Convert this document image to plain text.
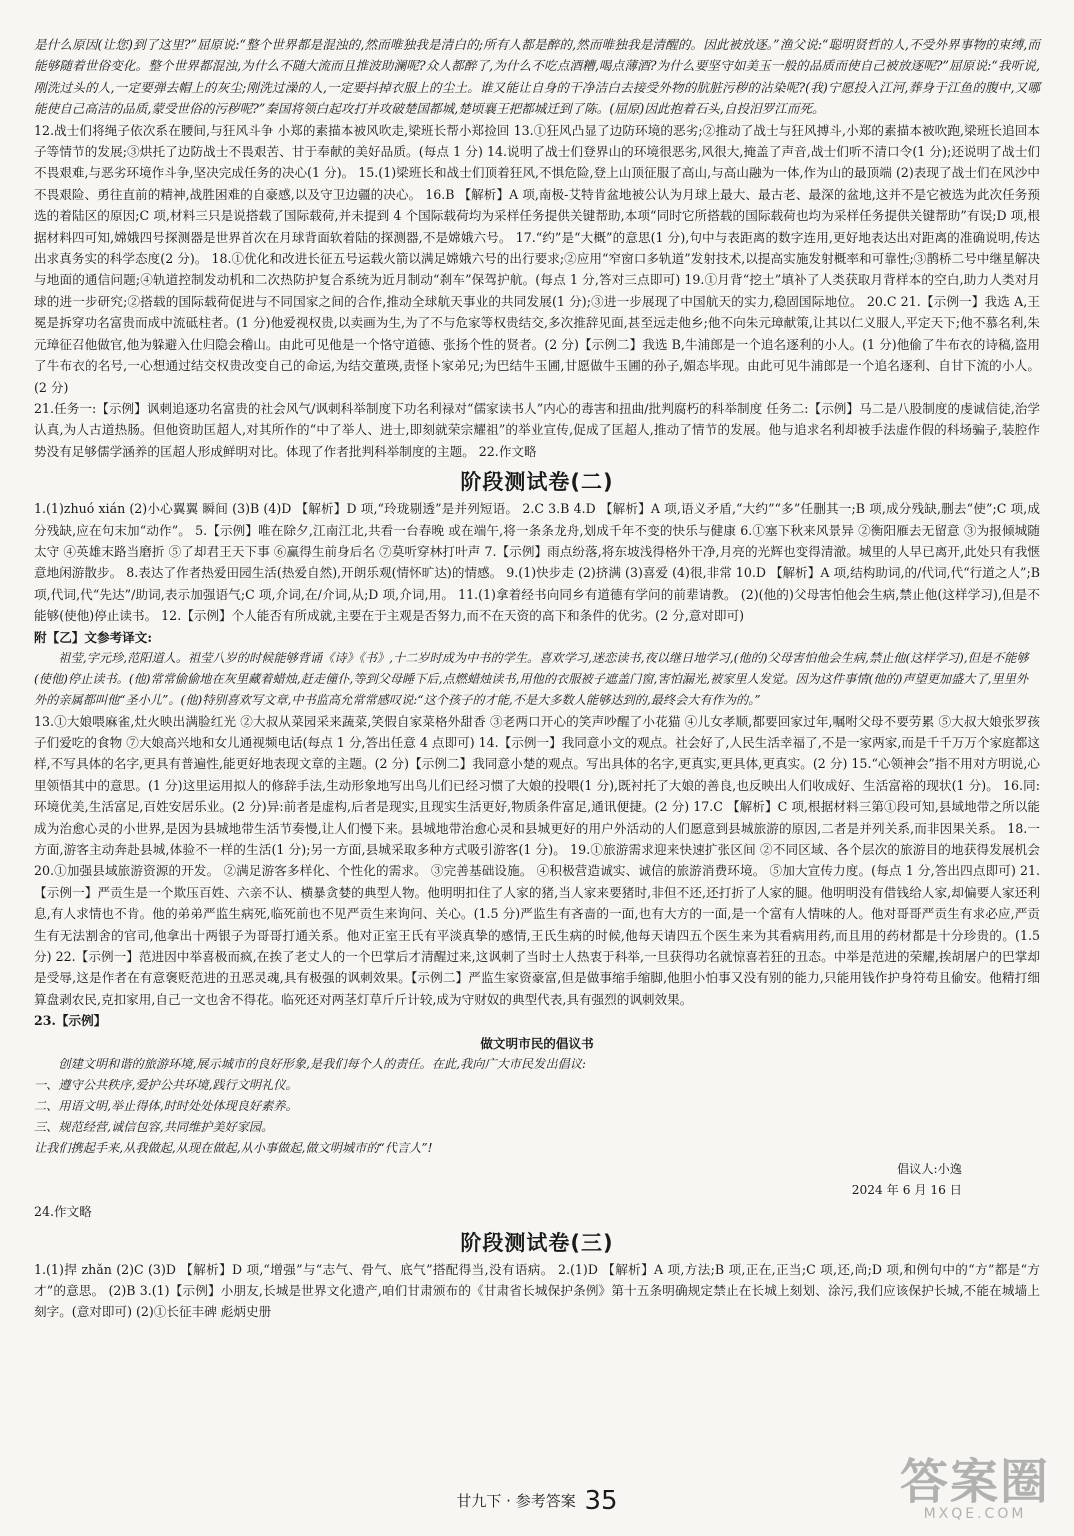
是什么原因(让您)到了这里?”屈原说:“整个世界都是混浊的,然而唯独我是清白的;所有人都是醉的,然而唯独我是清醒的。因此被放逐。”渔父说:“聪明贤哲的人,不受外界事物的束缚,而能够随着世俗变化。整个世界都混浊,为什么不随大流而且推波助澜呢?众人都醉了,为什么不吃点酒糟,喝点薄酒?为什么要坚守如美玉一般的品质而使自己被放逐呢?”屈原说:“我听说,刚洗过头的人,一定要弹去帽上的灰尘;刚洗过澡的人,一定要抖掉衣服上的尘土。谁又能让自身的干净洁白去接受外物的肮脏污秽的沾染呢?(我)宁愿投入江河,葬身于江鱼的腹中,又哪能使自己高洁的品质,蒙受世俗的污秽呢?”秦国将领白起攻打并攻破楚国都城,楚顷襄王把都城迁到了陈。(屈原)因此抱着石头,自投汨罗江而死。

12.战士们将绳子依次系在腰间,与狂风斗争 小郑的素描本被风吹走,梁班长帮小郑捡回 13.①狂风凸显了边防环境的恶劣;②推动了战士与狂风搏斗,小郑的素描本被吹跑,梁班长追回本子等情节的发展;③烘托了边防战士不畏艰苦、甘于奉献的美好品质。(每点 1 分) 14.说明了战士们登界山的环境很恶劣,风很大,掩盖了声音,战士们听不清口令(1 分);还说明了战士们不畏艰难,与恶劣环境作斗争,坚决完成任务的决心(1 分)。 15.(1)梁班长和战士们顶着狂风,不惧危险,登上山顶征服了高山,与高山融为一体,作为山的最顶端 (2)表现了战士们在风沙中不畏艰险、勇往直前的精神,战胜困难的自豪感,以及守卫边疆的决心。 16.B 【解析】A 项,南极-艾特肯盆地被公认为月球上最大、最古老、最深的盆地,这并不是它被选为此次任务预选的着陆区的原因;C 项,材料三只是说搭载了国际载荷,并未提到 4 个国际载荷均为采样任务提供关键帮助,本项“同时它所搭载的国际载荷也均为采样任务提供关键帮助”有误;D 项,根据材料四可知,嫦娥四号探测器是世界首次在月球背面软着陆的探测器,不是嫦娥六号。 17.“约”是“大概”的意思(1 分),句中与表距离的数字连用,更好地表达出对距离的准确说明,传达出求真务实的科学态度(2 分)。 18.①优化和改进长征五号运载火箭以满足嫦娥六号的出行要求;②应用“窄窗口多轨道”发射技术,以提高实施发射概率和可靠性;③鹊桥二号中继星解决与地面的通信问题;④轨道控制发动机和二次热防护复合系统为近月制动“刹车”保驾护航。(每点 1 分,答对三点即可) 19.①月背“挖土”填补了人类获取月背样本的空白,助力人类对月球的进一步研究;②搭载的国际载荷促进与不同国家之间的合作,推动全球航天事业的共同发展(1 分);③进一步展现了中国航天的实力,稳固国际地位。 20.C 21.【示例一】我选 A,王冕是拆穿功名富贵而成中流砥柱者。(1 分)他爱视权贵,以卖画为生,为了不与危家等权贵结交,多次推辞见面,甚至远走他乡;他不向朱元璋献策,让其以仁义服人,平定天下;他不慕名利,朱元璋征召他做官,他为躲避入仕归隐会稽山。由此可见他是一个恪守道德、张扬个性的贤者。(2 分)【示例二】我选 B,牛浦郎是一个追名逐利的小人。(1 分)他偷了牛布衣的诗稿,盗用了牛布衣的名号,一心想通过结交权贵改变自己的命运,为结交董瑛,责怪卜家弟兄;为巴结牛玉圃,甘愿做牛玉圃的孙子,媚态毕现。由此可见牛浦郎是一个追名逐利、自甘下流的小人。(2 分)

21.任务一:【示例】讽刺追逐功名富贵的社会风气/讽刺科举制度下功名利禄对“儒家读书人”内心的毒害和扭曲/批判腐朽的科举制度 任务二:【示例】马二是八股制度的虔诚信徒,治学认真,为人古道热肠。但他资助匡超人,对其所作的“中了举人、进士,即刻就荣宗耀祖”的举业宣传,促成了匡超人,推动了情节的发展。他与追求名利却被手法虚作假的科场骗子,装腔作势没有足够儒学涵养的匡超人形成鲜明对比。体现了作者批判科举制度的主题。 22.作文略

阶段测试卷(二)

1.(1)zhuó xián (2)小心翼翼 瞬间 (3)B (4)D 【解析】D 项,“玲珑剔透”是并列短语。 2.C 3.B 4.D 【解析】A 项,语义矛盾,“大约”“多”任删其一;B 项,成分残缺,删去“使”;C 项,成分残缺,应在句末加“动作”。 5.【示例】唯在除夕,江南江北,共看一台春晚 或在端午,将一条条龙舟,划成千年不变的快乐与健康 6.①塞下秋来风景异 ②衡阳雁去无留意 ③为报倾城随太守 ④英雄末路当磨折 ⑤了却君王天下事 ⑥赢得生前身后名 ⑦莫听穿林打叶声 7.【示例】雨点纷落,将东坡浅得格外干净,月亮的光辉也变得清澈。城里的人早已离开,此处只有我惬意地闲游散步。 8.表达了作者热爱田园生活(热爱自然),开朗乐观(情怀旷达)的情感。 9.(1)快步走 (2)挤满 (3)喜爱 (4)很,非常 10.D 【解析】A 项,结构助词,的/代词,代“行道之人”;B 项,代词,代“先达”/助词,表示加强语气;C 项,介词,在/介词,从;D 项,介词,用。 11.(1)拿着经书向同乡有道德有学问的前辈请教。 (2)(他的)父母害怕他会生病,禁止他(这样学习),但是不能够(使他)停止读书。 12.【示例】个人能否有所成就,主要在于主观是否努力,而不在天资的高下和条件的优劣。(2 分,意对即可)

附【乙】文参考译文:

祖莹,字元珍,范阳道人。祖莹八岁的时候能够背诵《诗》《书》,十二岁时成为中书的学生。喜欢学习,迷恋读书,夜以继日地学习,(他的)父母害怕他会生病,禁止他(这样学习),但是不能够(使他)停止读书。(他)常常偷偷地在灰里藏着蜡烛,赶走僮仆,等到父母睡下后,点燃蜡烛读书,用他的衣服被子遮盖门窗,害怕漏光,被家里人发觉。因为这件事情(他的)声望更加盛大了,里里外外的亲属都叫他“圣小儿”。(他)特别喜欢写文章,中书监高允常常感叹说:“这个孩子的才能,不是大多数人能够达到的,最终会大有作为的。”

13.①大娘喂麻雀,灶火映出满脸红光 ②大叔从菜园采来蔬菜,笑假自家菜格外甜香 ③老两口开心的笑声吵醒了小花猫 ④儿女孝顺,都要回家过年,嘱咐父母不要劳累 ⑤大叔大娘张罗孩子们爱吃的食物 ⑦大娘高兴地和女儿通视频电话(每点 1 分,答出任意 4 点即可) 14.【示例一】我同意小文的观点。社会好了,人民生活幸福了,不是一家两家,而是千千万万个家庭都这样,不写具体的名字,更具有普遍性,能更好地表现文章的主题。(2 分)【示例二】我同意小楚的观点。写出具体的名字,更真实,更具体,更真实。(2 分) 15.“心领神会”指不用对方明说,心里领悟其中的意思。(1 分)这里运用拟人的修辞手法,生动形象地写出鸟儿们已经习惯了大娘的投喂(1 分),既衬托了大娘的善良,也反映出人们收成好、生活富裕的现状(1 分)。 16.同:环境优美,生活富足,百姓安居乐业。(2 分)异:前者是虚构,后者是现实,且现实生活更好,物质条件富足,通讯便捷。(2 分) 17.C 【解析】C 项,根据材料三第①段可知,县域地带之所以能成为治愈心灵的小世界,是因为县城地带生活节奏慢,让人们慢下来。县城地带治愈心灵和县城更好的用户外活动的人们愿意到县城旅游的原因,二者是并列关系,而非因果关系。 18.一方面,游客主动奔赴县城,体验不一样的生活(1 分);另一方面,县城采取多种方式吸引游客(1 分)。 19.①旅游需求迎来快速扩张区间 ②不同区域、各个层次的旅游目的地获得发展机会 20.①加强县域旅游资源的开发。 ②满足游客多样化、个性化的需求。 ③完善基础设施。 ④积极营造诚实、诚信的旅游消费环境。 ⑤加大宣传力度。(每点 1 分,答出四点即可) 21.【示例一】严贡生是一个欺压百姓、六亲不认、横暴贪婪的典型人物。他明明扣住了人家的猪,当人家来要猪时,非但不还,还打折了人家的腿。他明明没有借钱给人家,却偏要人家还利息,有人求情也不肯。他的弟弟严监生病死,临死前也不见严贡生来询问、关心。(1.5 分)严监生有吝啬的一面,也有大方的一面,是一个富有人情味的人。他对哥哥严贡生有求必应,严贡生有无法割舍的官司,他拿出十两银子为哥哥打通关系。他对正室王氏有平淡真挚的感情,王氏生病的时候,他每天请四五个医生来为其看病用药,而且用的药材都是十分珍贵的。(1.5 分) 22.【示例一】范进因中举喜极而疯,在挨了老丈人的一个巴掌后才清醒过来,这讽刺了当时士人热衷于科举,一旦获得功名就惊喜若狂的丑态。中举是范进的荣耀,挨胡屠户的巴掌却是受辱,这是作者在有意褒贬范进的丑恶灵魂,具有极强的讽刺效果。【示例二】严监生家资豪富,但是做事缩手缩脚,他胆小怕事又没有别的能力,只能用钱作护身符苟且偷安。他精打细算盘剥农民,克扣家用,自己一文也舍不得花。临死还对两茎灯草斤斤计较,成为守财奴的典型代表,具有强烈的讽刺效果。

23.【示例】

做文明市民的倡议书

创建文明和谐的旅游环境,展示城市的良好形象,是我们每个人的责任。在此,我向广大市民发出倡议:

一、遵守公共秩序,爱护公共环境,践行文明礼仪。

二、用语文明,举止得体,时时处处体现良好素养。

三、规范经营,诚信包容,共同维护美好家园。

让我们携起手来,从我做起,从现在做起,从小事做起,做文明城市的“代言人”!

倡议人:小逸

2024 年 6 月 16 日

24.作文略

阶段测试卷(三)

1.(1)捍 zhǎn (2)C (3)D 【解析】D 项,“增强”与“志气、骨气、底气”搭配得当,没有语病。 2.(1)D 【解析】A 项,方法;B 项,正在,正当;C 项,还,尚;D 项,和例句中的“方”都是“方才”的意思。 (2)B 3.(1)【示例】小朋友,长城是世界文化遗产,咱们甘肃颁布的《甘肃省长城保护条例》第十五条明确规定禁止在长城上刻划、涂污,我们应该保护长城,不能在城墙上刻字。(意对即可) (2)①长征丰碑 彪炳史册

甘九下 · 参考答案 35	答案圈
MXQE.COM
